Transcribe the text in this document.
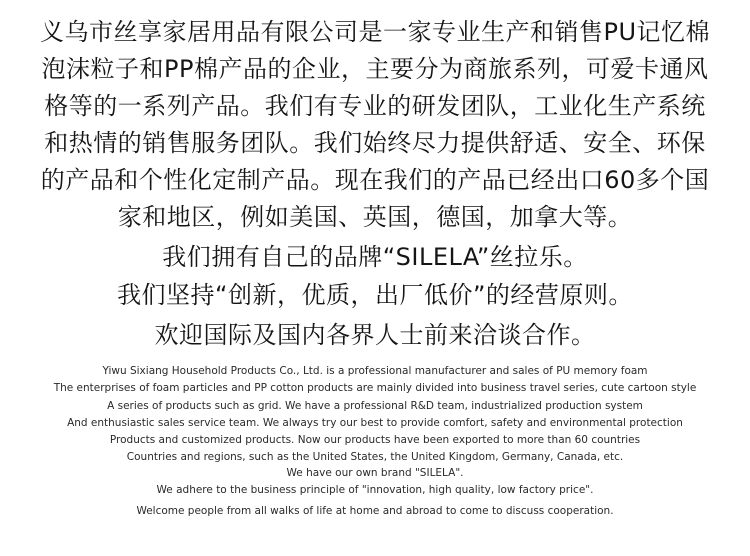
义乌市丝享家居用品有限公司是一家专业生产和销售PU记忆棉
泡沫粒子和PP棉产品的企业，主要分为商旅系列，可爱卡通风
格等的一系列产品。我们有专业的研发团队，工业化生产系统
和热情的销售服务团队。我们始终尽力提供舒适、安全、环保
的产品和个性化定制产品。现在我们的产品已经出口60多个国
家和地区，例如美国、英国，德国，加拿大等。
我们拥有自己的品牌“SILELA”丝拉乐。
我们坚持“创新，优质，出厂低价”的经营原则。
欢迎国际及国内各界人士前来洽谈合作。
Yiwu Sixiang Household Products Co., Ltd. is a professional manufacturer and sales of PU memory foam
The enterprises of foam particles and PP cotton products are mainly divided into business travel series, cute cartoon style
A series of products such as grid. We have a professional R&D team, industrialized production system
And enthusiastic sales service team. We always try our best to provide comfort, safety and environmental protection
Products and customized products. Now our products have been exported to more than 60 countries
Countries and regions, such as the United States, the United Kingdom, Germany, Canada, etc.
We have our own brand "SILELA".
We adhere to the business principle of "innovation, high quality, low factory price".
Welcome people from all walks of life at home and abroad to come to discuss cooperation.
